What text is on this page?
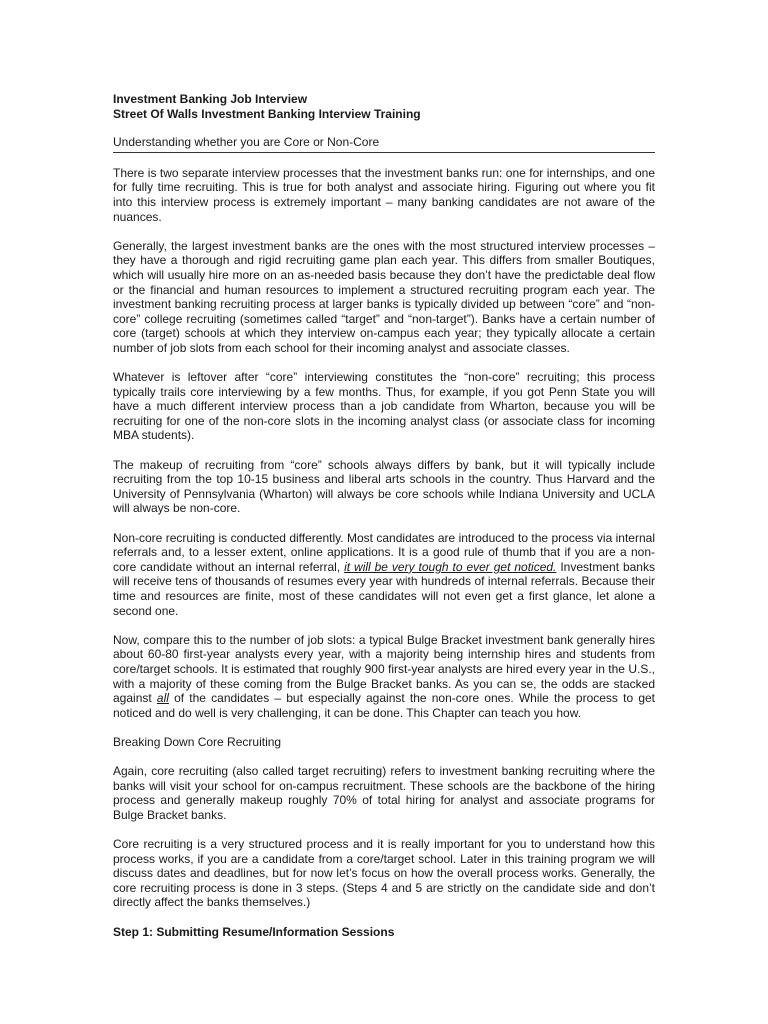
Investment Banking Job Interview

Street Of Walls Investment Banking Interview Training

Understanding whether you are Core or Non-Core

There is two separate interview processes that the investment banks run: one for internships, and one for fully time recruiting. This is true for both analyst and associate hiring. Figuring out where you fit into this interview process is extremely important – many banking candidates are not aware of the nuances.

Generally, the largest investment banks are the ones with the most structured interview processes – they have a thorough and rigid recruiting game plan each year. This differs from smaller Boutiques, which will usually hire more on an as-needed basis because they don’t have the predictable deal flow or the financial and human resources to implement a structured recruiting program each year. The investment banking recruiting process at larger banks is typically divided up between “core” and “non-core” college recruiting (sometimes called “target” and “non-target”). Banks have a certain number of core (target) schools at which they interview on-campus each year; they typically allocate a certain number of job slots from each school for their incoming analyst and associate classes.

Whatever is leftover after “core” interviewing constitutes the “non-core” recruiting; this process typically trails core interviewing by a few months. Thus, for example, if you got Penn State you will have a much different interview process than a job candidate from Wharton, because you will be recruiting for one of the non-core slots in the incoming analyst class (or associate class for incoming MBA students).

The makeup of recruiting from “core” schools always differs by bank, but it will typically include recruiting from the top 10-15 business and liberal arts schools in the country. Thus Harvard and the University of Pennsylvania (Wharton) will always be core schools while Indiana University and UCLA will always be non-core.

Non-core recruiting is conducted differently. Most candidates are introduced to the process via internal referrals and, to a lesser extent, online applications. It is a good rule of thumb that if you are a non-core candidate without an internal referral, it will be very tough to ever get noticed. Investment banks will receive tens of thousands of resumes every year with hundreds of internal referrals. Because their time and resources are finite, most of these candidates will not even get a first glance, let alone a second one.

Now, compare this to the number of job slots: a typical Bulge Bracket investment bank generally hires about 60-80 first-year analysts every year, with a majority being internship hires and students from core/target schools. It is estimated that roughly 900 first-year analysts are hired every year in the U.S., with a majority of these coming from the Bulge Bracket banks. As you can se, the odds are stacked against all of the candidates – but especially against the non-core ones. While the process to get noticed and do well is very challenging, it can be done. This Chapter can teach you how.

Breaking Down Core Recruiting

Again, core recruiting (also called target recruiting) refers to investment banking recruiting where the banks will visit your school for on-campus recruitment. These schools are the backbone of the hiring process and generally makeup roughly 70% of total hiring for analyst and associate programs for Bulge Bracket banks.

Core recruiting is a very structured process and it is really important for you to understand how this process works, if you are a candidate from a core/target school. Later in this training program we will discuss dates and deadlines, but for now let’s focus on how the overall process works. Generally, the core recruiting process is done in 3 steps. (Steps 4 and 5 are strictly on the candidate side and don’t directly affect the banks themselves.)

Step 1: Submitting Resume/Information Sessions
